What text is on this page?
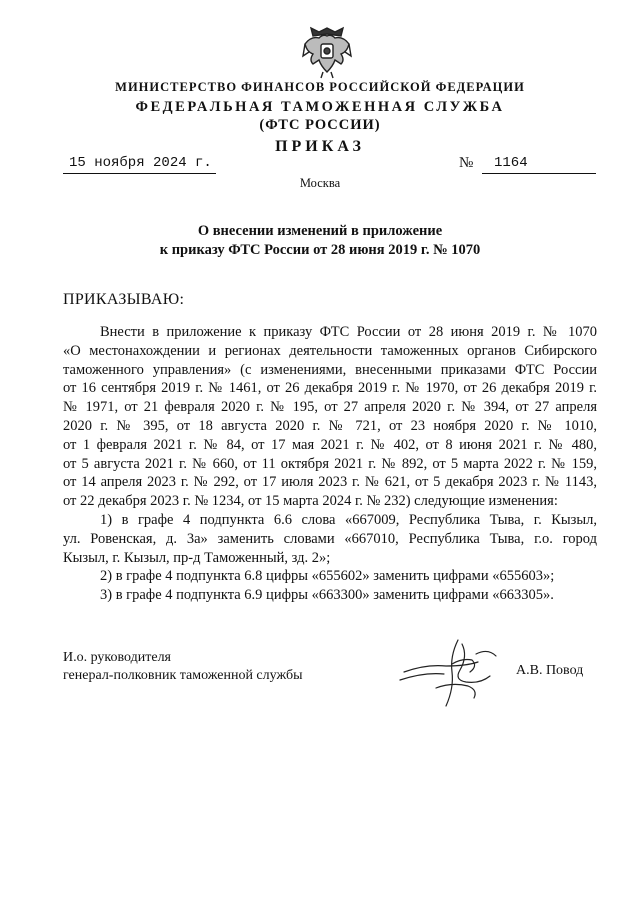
МИНИСТЕРСТВО ФИНАНСОВ РОССИЙСКОЙ ФЕДЕРАЦИИ
ФЕДЕРАЛЬНАЯ ТАМОЖЕННАЯ СЛУЖБА
(ФТС РОССИИ)
ПРИКАЗ
15 ноября 2024 г.	№	1164
Москва
О внесении изменений в приложение
к приказу ФТС России от 28 июня 2019 г. № 1070
ПРИКАЗЫВАЮ:

Внести в приложение к приказу ФТС России от 28 июня 2019 г. № 1070

«О местонахождении и регионах деятельности таможенных органов Сибирского

таможенного управления» (с изменениями, внесенными приказами ФТС России

от 16 сентября 2019 г. № 1461, от 26 декабря 2019 г. № 1970, от 26 декабря 2019 г.

№ 1971, от 21 февраля 2020 г. № 195, от 27 апреля 2020 г. № 394, от 27 апреля

2020 г. № 395, от 18 августа 2020 г. № 721, от 23 ноября 2020 г. № 1010,

от 1 февраля 2021 г. № 84, от 17 мая 2021 г. № 402, от 8 июня 2021 г. № 480,

от 5 августа 2021 г. № 660, от 11 октября 2021 г. № 892, от 5 марта 2022 г. № 159,

от 14 апреля 2023 г. № 292, от 17 июля 2023 г. № 621, от 5 декабря 2023 г. № 1143,

от 22 декабря 2023 г. № 1234, от 15 марта 2024 г. № 232) следующие изменения:

1) в графе 4 подпункта 6.6 слова «667009, Республика Тыва, г. Кызыл,

ул. Ровенская, д. 3а» заменить словами «667010, Республика Тыва, г.о. город

Кызыл, г. Кызыл, пр-д Таможенный, зд. 2»;

2) в графе 4 подпункта 6.8 цифры «655602» заменить цифрами «655603»;

3) в графе 4 подпункта 6.9 цифры «663300» заменить цифрами «663305».

И.о. руководителя
генерал-полковник таможенной службы	А.В. Повод
